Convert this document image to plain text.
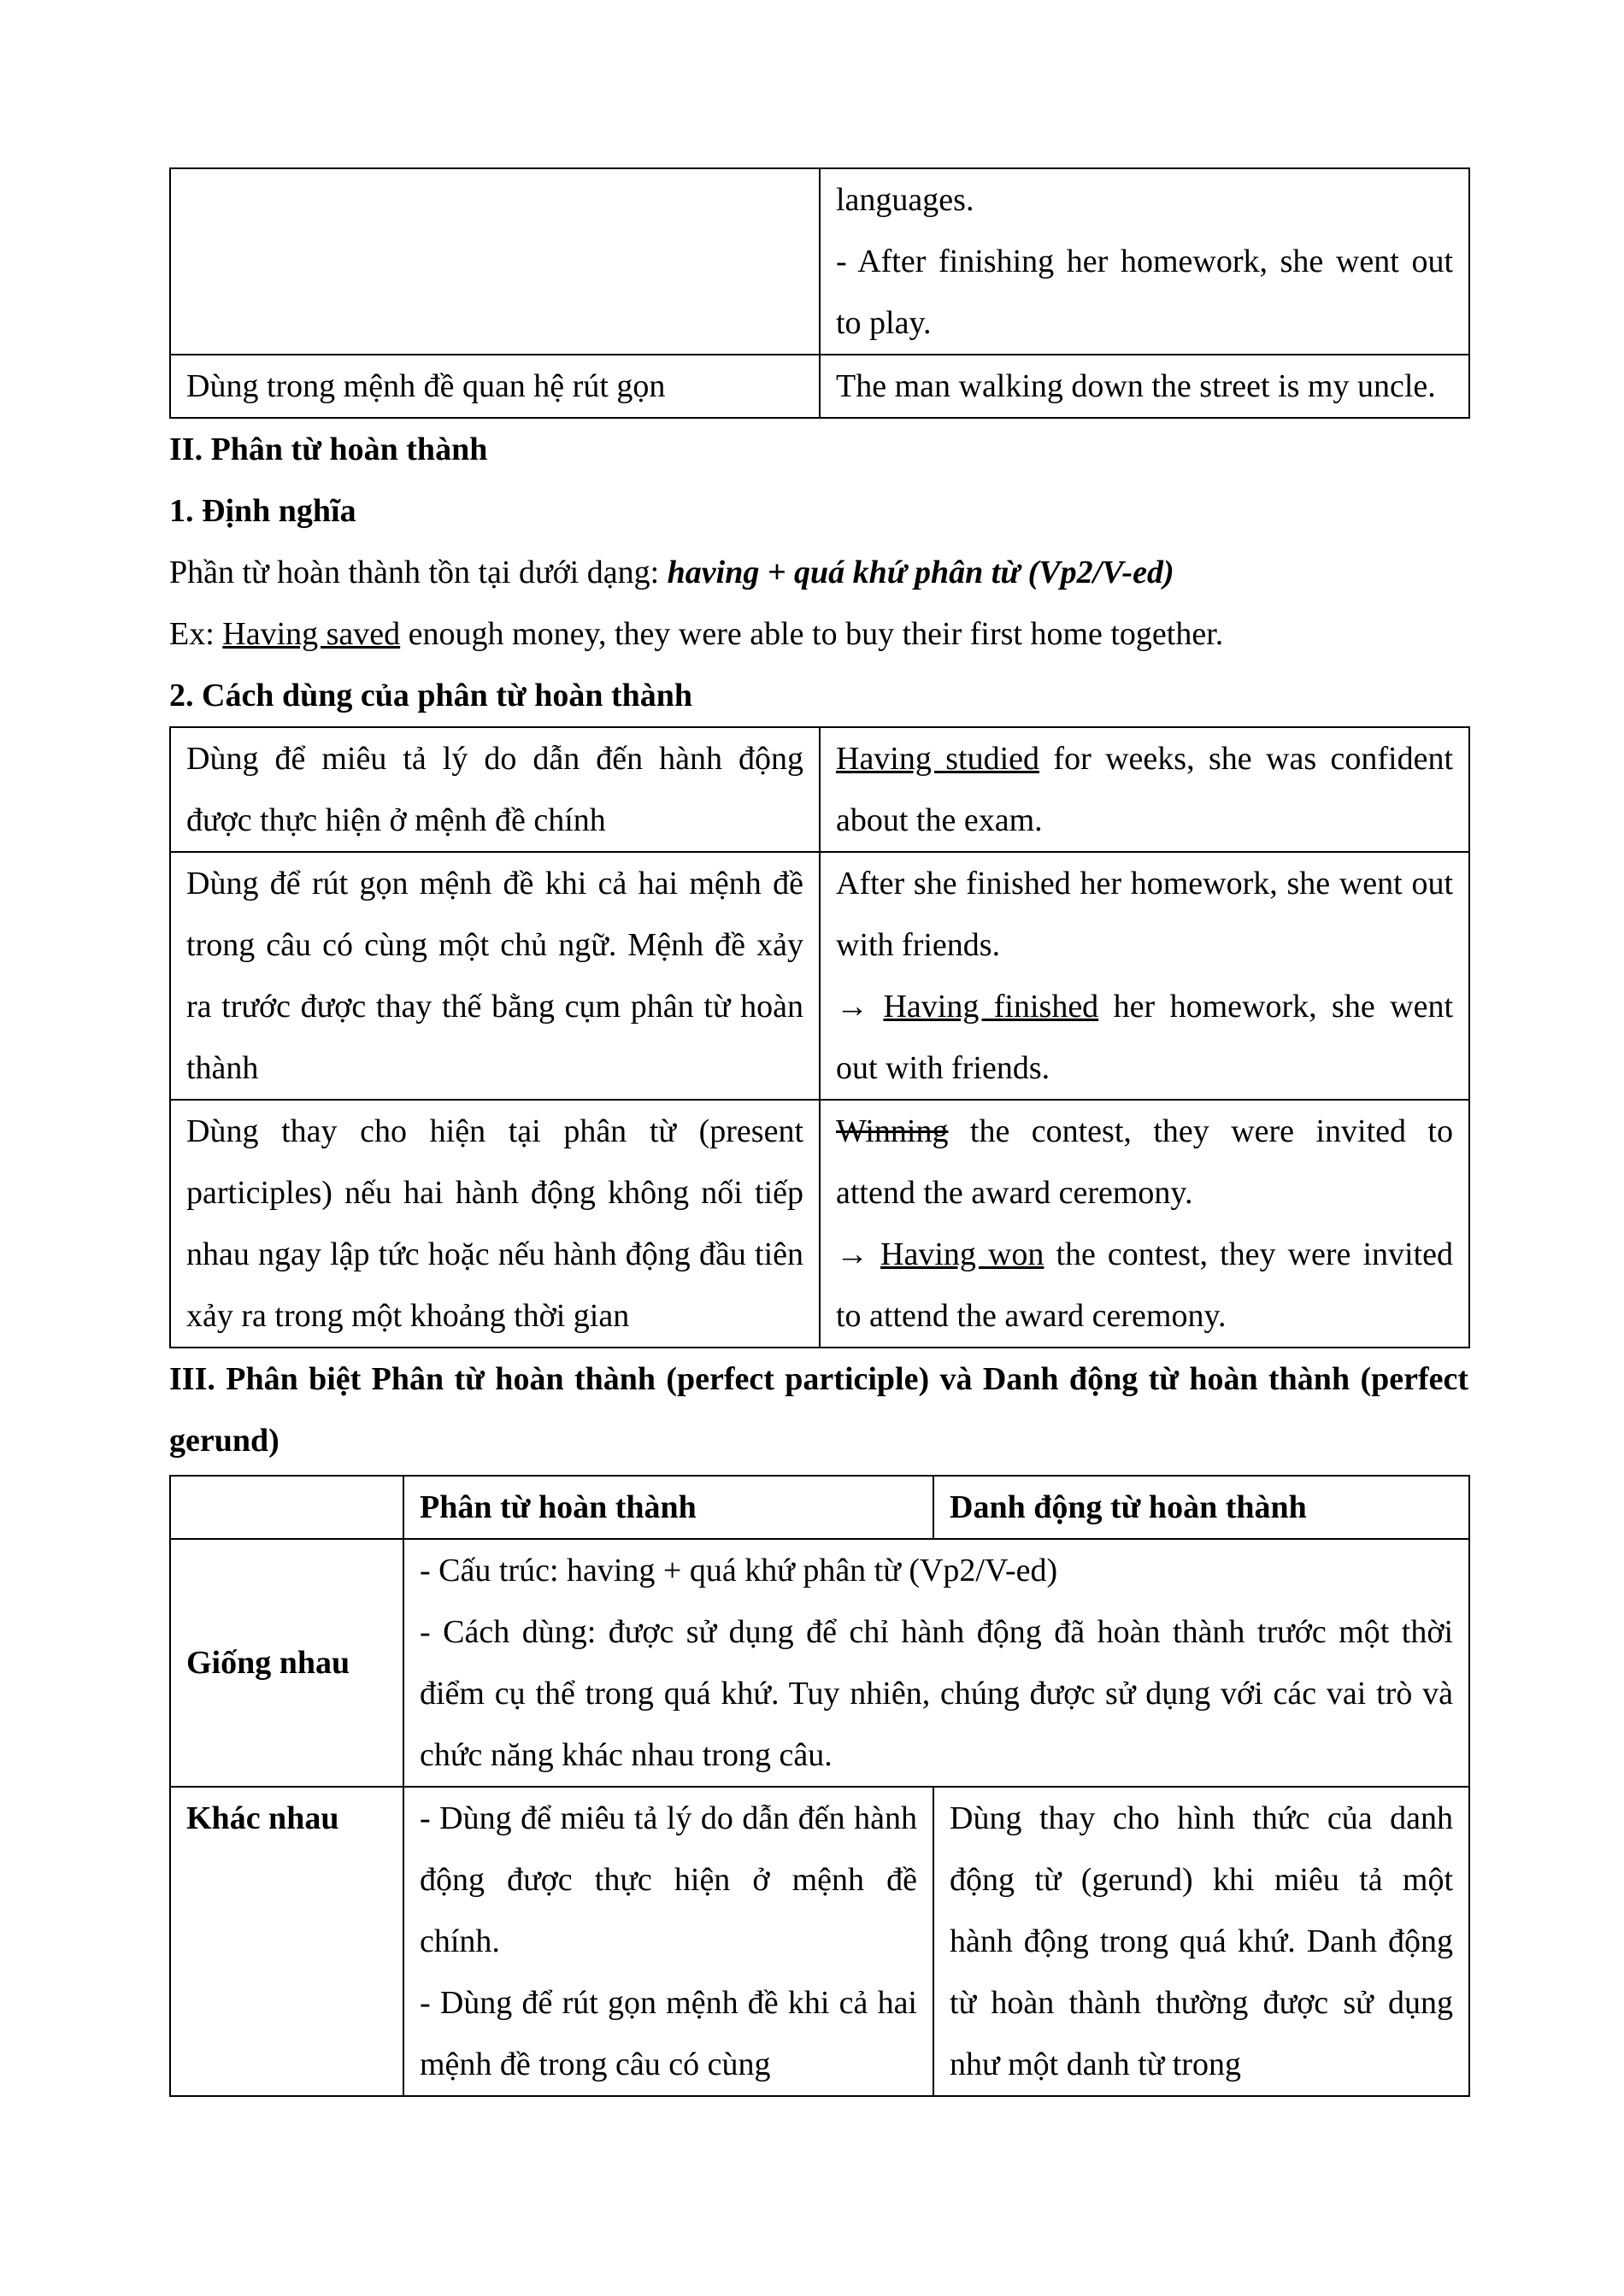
	languages.

- After finishing her homework, she went out to play.

Dùng trong mệnh đề quan hệ rút gọn	The man walking down the street is my uncle.

II. Phân từ hoàn thành

1. Định nghĩa

Phần từ hoàn thành tồn tại dưới dạng: having + quá khứ phân từ (Vp2/V-ed)

Ex: Having saved enough money, they were able to buy their first home together.

2. Cách dùng của phân từ hoàn thành

Dùng để miêu tả lý do dẫn đến hành động được thực hiện ở mệnh đề chính	Having studied for weeks, she was confident about the exam.
Dùng để rút gọn mệnh đề khi cả hai mệnh đề trong câu có cùng một chủ ngữ. Mệnh đề xảy ra trước được thay thế bằng cụm phân từ hoàn thành	After she finished her homework, she went out with friends.

→ Having finished her homework, she went out with friends.

Dùng thay cho hiện tại phân từ (present participles) nếu hai hành động không nối tiếp nhau ngay lập tức hoặc nếu hành động đầu tiên xảy ra trong một khoảng thời gian	Winning the contest, they were invited to attend the award ceremony.

→ Having won the contest, they were invited to attend the award ceremony.

III. Phân biệt Phân từ hoàn thành (perfect participle) và Danh động từ hoàn thành (perfect gerund)

	Phân từ hoàn thành	Danh động từ hoàn thành
Giống nhau	- Cấu trúc: having + quá khứ phân từ (Vp2/V-ed)

- Cách dùng: được sử dụng để chỉ hành động đã hoàn thành trước một thời điểm cụ thể trong quá khứ. Tuy nhiên, chúng được sử dụng với các vai trò và chức năng khác nhau trong câu.	

Khác nhau	- Dùng để miêu tả lý do dẫn đến hành động được thực hiện ở mệnh đề chính.

- Dùng để rút gọn mệnh đề khi cả hai mệnh đề trong câu có cùng	Dùng thay cho hình thức của danh động từ (gerund) khi miêu tả một hành động trong quá khứ. Danh động từ hoàn thành thường được sử dụng như một danh từ trong
